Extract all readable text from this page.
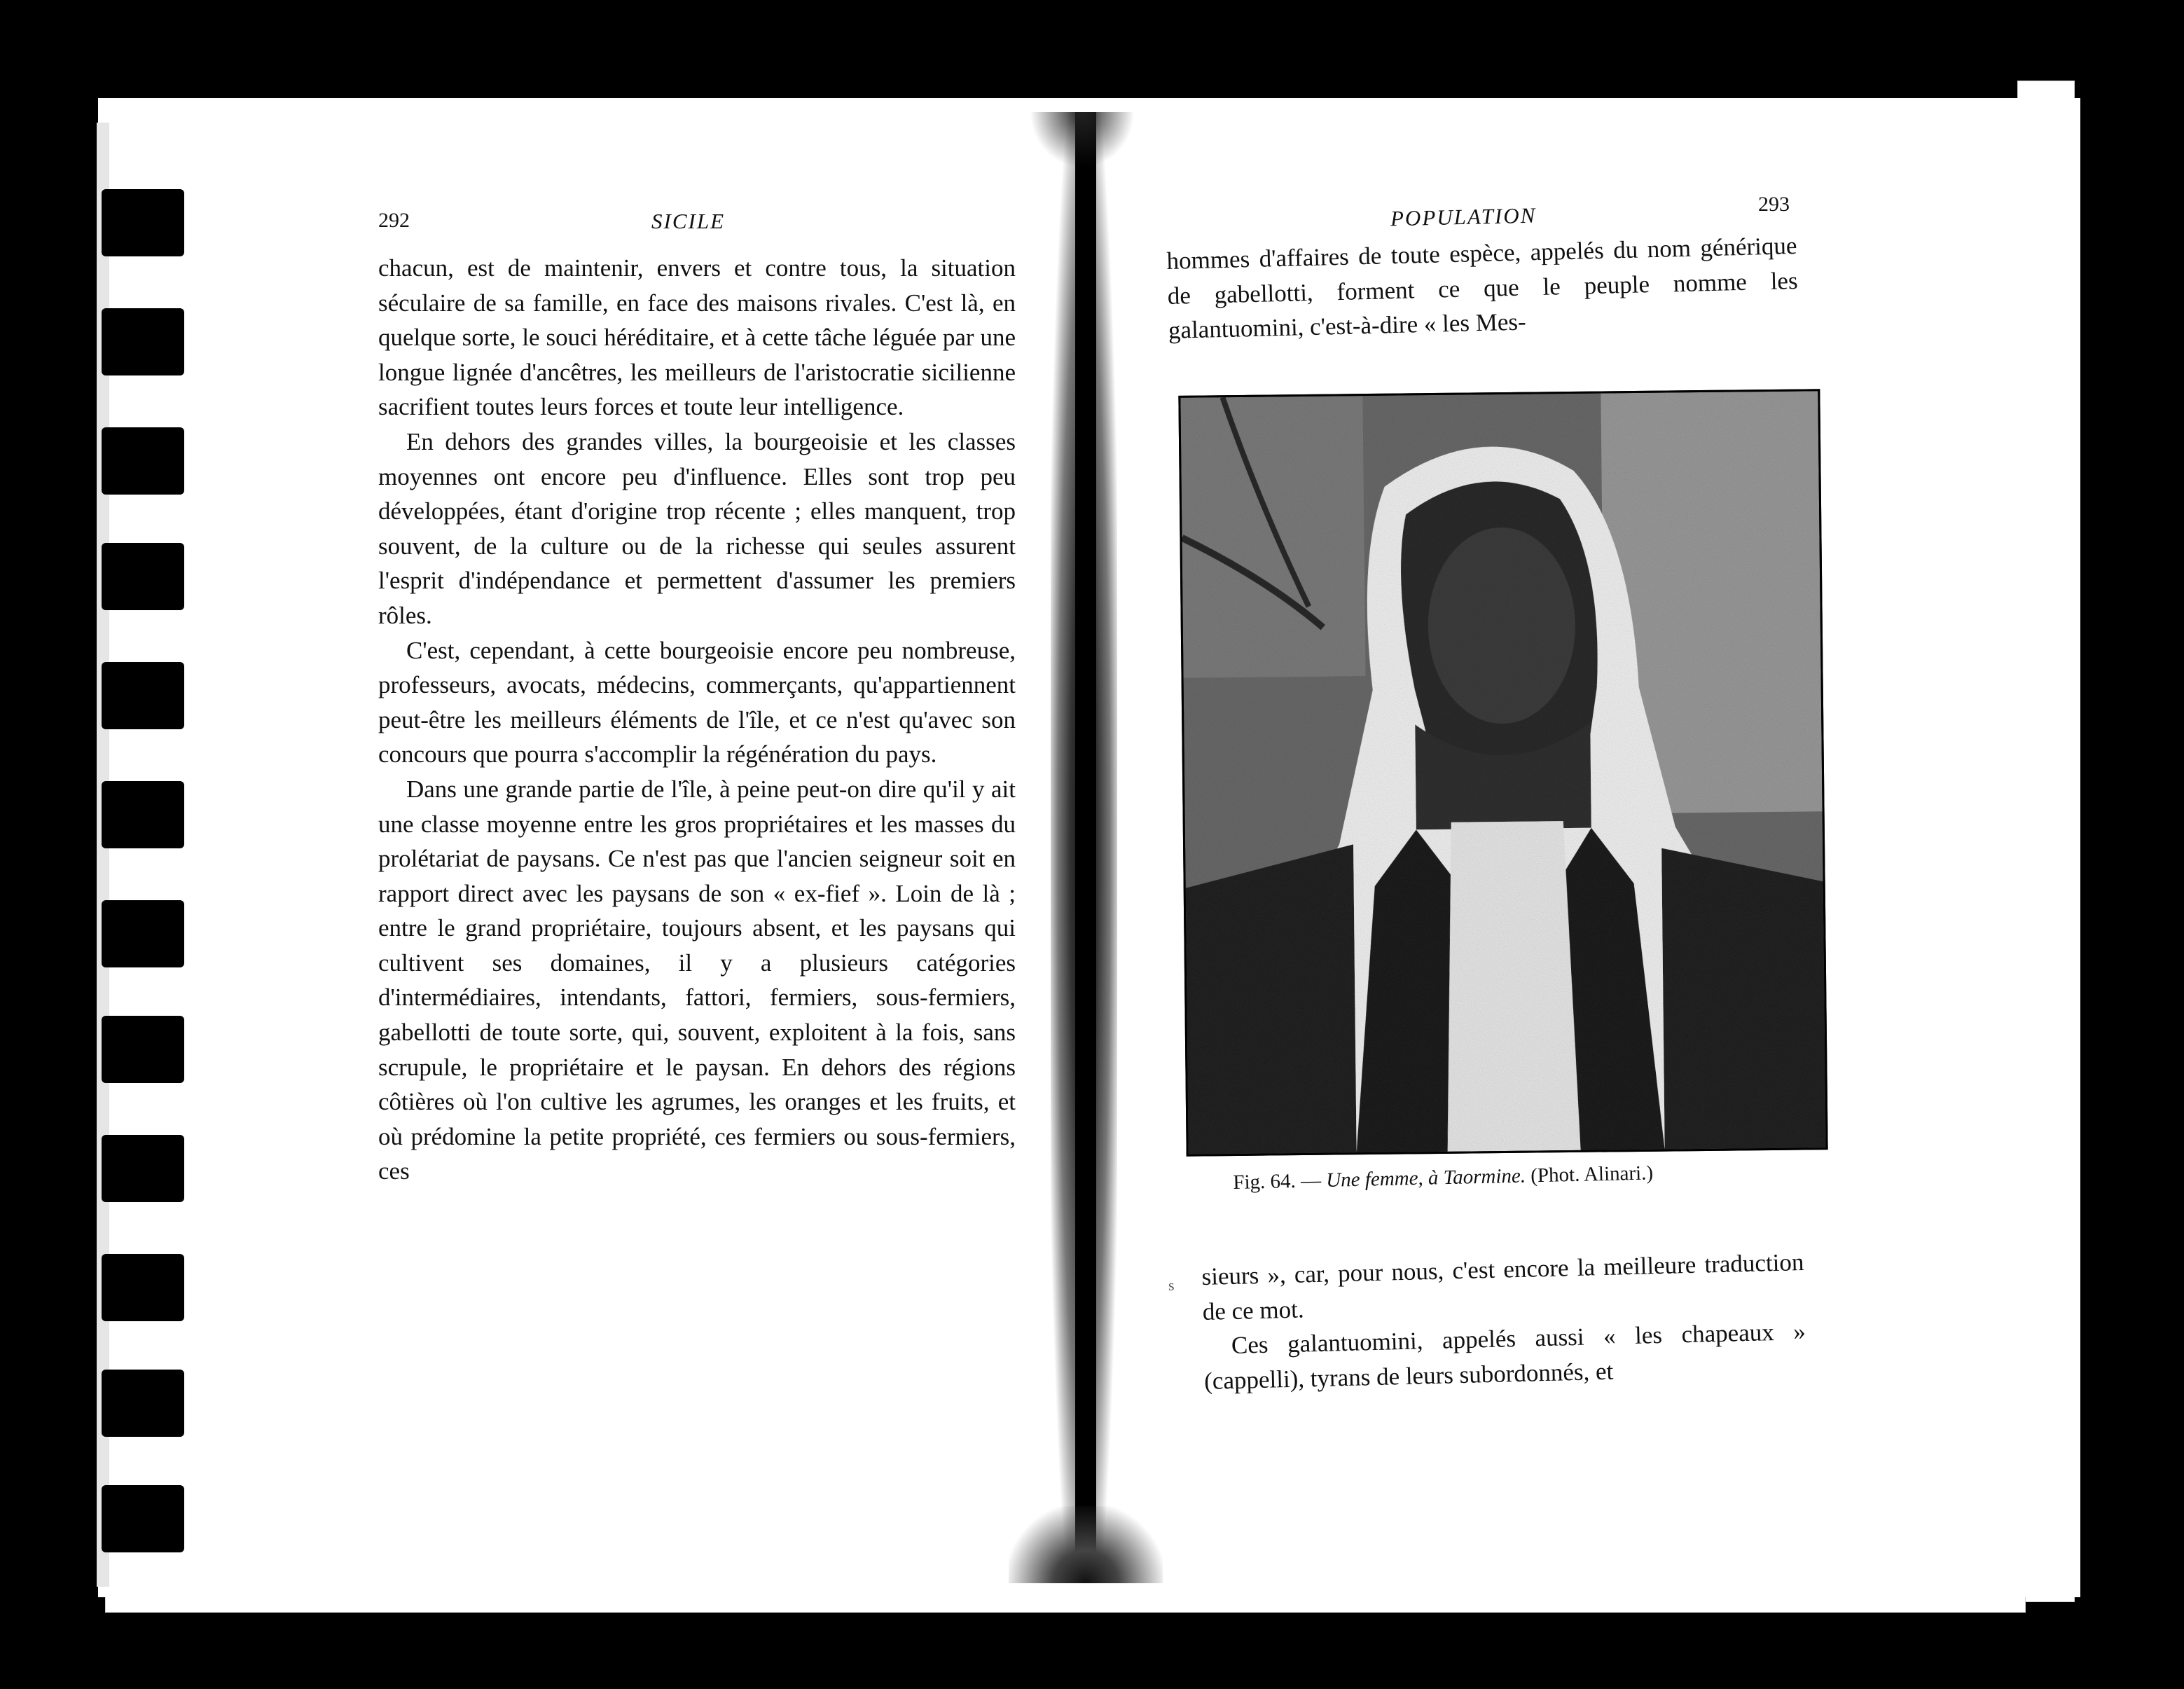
292	SICILE

chacun, est de maintenir, envers et contre tous, la situation séculaire de sa famille, en face des maisons rivales. C'est là, en quelque sorte, le souci héréditaire, et à cette tâche léguée par une longue lignée d'ancêtres, les meilleurs de l'aristocratie sicilienne sacrifient toutes leurs forces et toute leur intelligence.

En dehors des grandes villes, la bourgeoisie et les classes moyennes ont encore peu d'influence. Elles sont trop peu développées, étant d'origine trop récente ; elles manquent, trop souvent, de la culture ou de la richesse qui seules assurent l'esprit d'indépendance et permettent d'assumer les premiers rôles.

C'est, cependant, à cette bourgeoisie encore peu nombreuse, professeurs, avocats, médecins, commerçants, qu'appartiennent peut-être les meilleurs éléments de l'île, et ce n'est qu'avec son concours que pourra s'accomplir la régénération du pays.

Dans une grande partie de l'île, à peine peut-on dire qu'il y ait une classe moyenne entre les gros propriétaires et les masses du prolétariat de paysans. Ce n'est pas que l'ancien seigneur soit en rapport direct avec les paysans de son « ex-fief ». Loin de là ; entre le grand propriétaire, toujours absent, et les paysans qui cultivent ses domaines, il y a plusieurs catégories d'intermédiaires, intendants, fattori, fermiers, sous-fermiers, gabellotti de toute sorte, qui, souvent, exploitent à la fois, sans scrupule, le propriétaire et le paysan. En dehors des régions côtières où l'on cultive les agrumes, les oranges et les fruits, et où prédomine la petite propriété, ces fermiers ou sous-fermiers, ces

POPULATION	293

hommes d'affaires de toute espèce, appelés du nom générique de gabellotti, forment ce que le peuple nomme les galantuomini, c'est-à-dire « les Mes-

Fig. 64. — Une femme, à Taormine. (Phot. Alinari.)

sieurs », car, pour nous, c'est encore la meilleure traduction de ce mot.

Ces galantuomini, appelés aussi « les chapeaux » (cappelli), tyrans de leurs subordonnés, et

s
